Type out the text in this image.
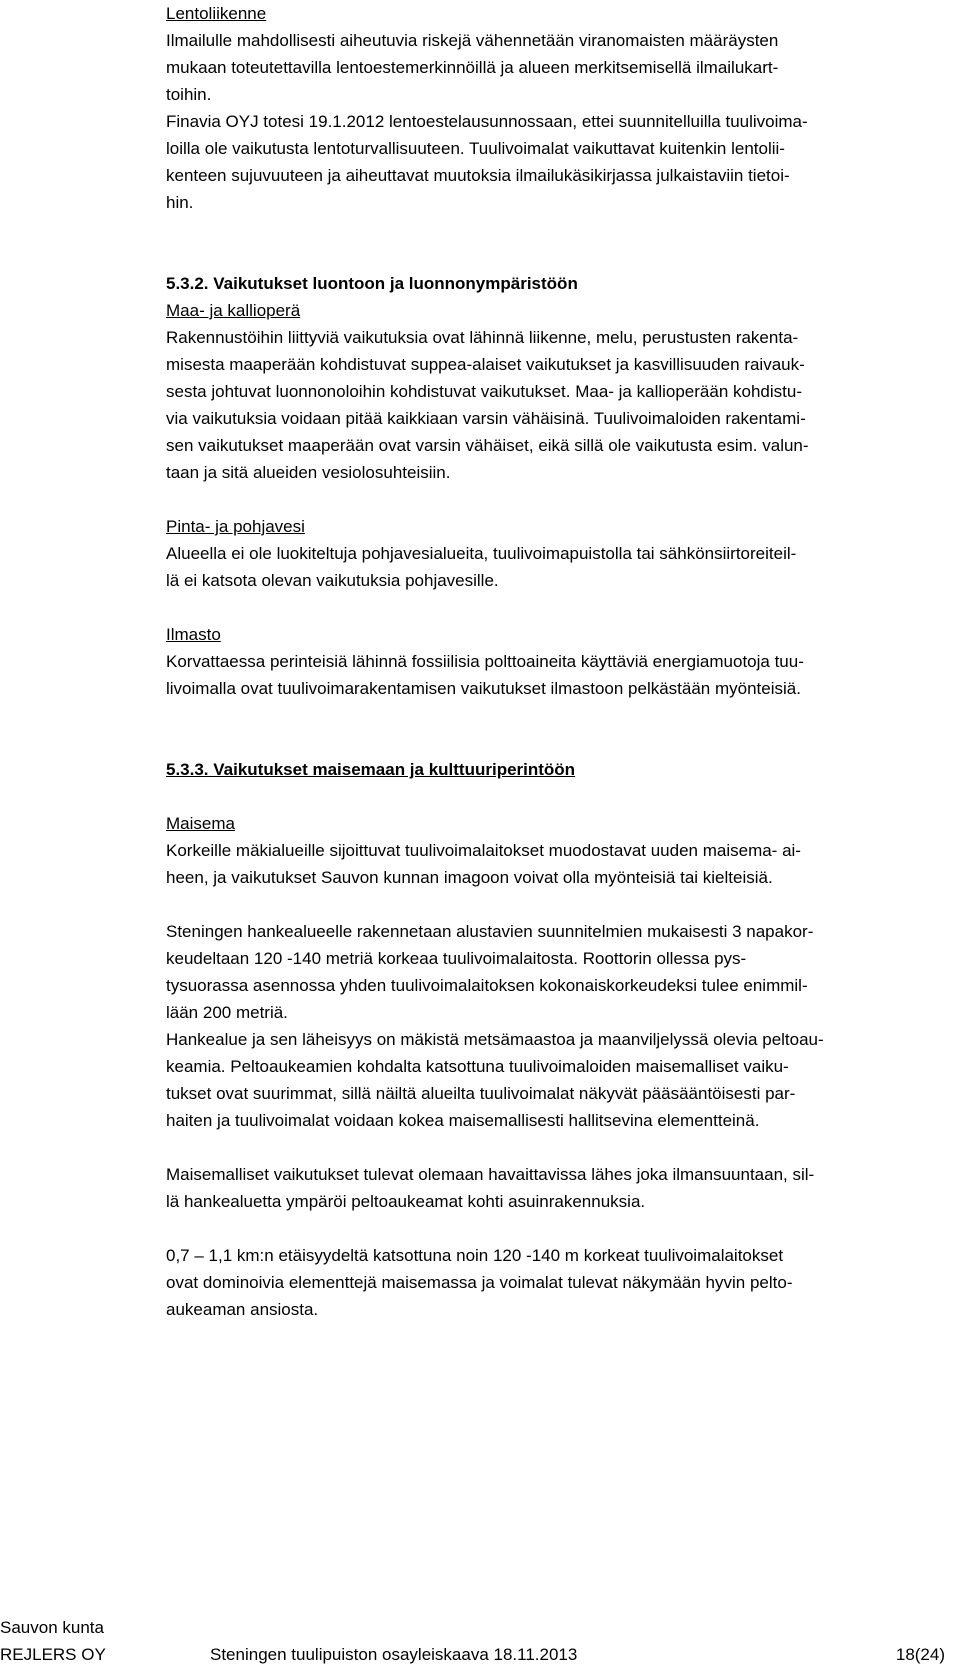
Lentoliikenne

Ilmailulle mahdollisesti aiheutuvia riskejä vähennetään viranomaisten määräysten
mukaan toteutettavilla lentoestemerkinnöillä ja alueen merkitsemisellä ilmailukart-
toihin.
Finavia OYJ totesi 19.1.2012 lentoestelausunnossaan, ettei suunnitelluilla tuulivoima-
loilla ole vaikutusta lentoturvallisuuteen. Tuulivoimalat vaikuttavat kuitenkin lentolii-
kenteen sujuvuuteen ja aiheuttavat muutoksia ilmailukäsikirjassa julkaistaviin tietoi-
hin.

5.3.2. Vaikutukset luontoon ja luonnonympäristöön

Maa- ja kallioperä

Rakennustöihin liittyviä vaikutuksia ovat lähinnä liikenne, melu, perustusten rakenta-
misesta maaperään kohdistuvat suppea-alaiset vaikutukset ja kasvillisuuden raivauk-
sesta johtuvat luonnonoloihin kohdistuvat vaikutukset. Maa- ja kallioperään kohdistu-
via vaikutuksia voidaan pitää kaikkiaan varsin vähäisinä. Tuulivoimaloiden rakentami-
sen vaikutukset maaperään ovat varsin vähäiset, eikä sillä ole vaikutusta esim. valun-
taan ja sitä alueiden vesiolosuhteisiin.

Pinta- ja pohjavesi

Alueella ei ole luokiteltuja pohjavesialueita, tuulivoimapuistolla tai sähkönsiirtoreiteil-
lä ei katsota olevan vaikutuksia pohjavesille.

Ilmasto

Korvattaessa perinteisiä lähinnä fossiilisia polttoaineita käyttäviä energiamuotoja tuu-
livoimalla ovat tuulivoimarakentamisen vaikutukset ilmastoon pelkästään myönteisiä.

5.3.3. Vaikutukset maisemaan ja kulttuuriperintöön

Maisema

Korkeille mäkialueille sijoittuvat tuulivoimalaitokset muodostavat uuden maisema- ai-
heen, ja vaikutukset Sauvon kunnan imagoon voivat olla myönteisiä tai kielteisiä.
Steningen hankealueelle rakennetaan alustavien suunnitelmien mukaisesti 3 napakor-
keudeltaan 120 -140 metriä korkeaa tuulivoimalaitosta. Roottorin ollessa pys-
tysuorassa asennossa yhden tuulivoimalaitoksen kokonaiskorkeudeksi tulee enimmil-
lään 200 metriä.
Hankealue ja sen läheisyys on mäkistä metsämaastoa ja maanviljelyssä olevia peltoau-
keamia. Peltoaukeamien kohdalta katsottuna tuulivoimaloiden maisemalliset vaiku-
tukset ovat suurimmat, sillä näiltä alueilta tuulivoimalat näkyvät pääsääntöisesti par-
haiten ja tuulivoimalat voidaan kokea maisemallisesti hallitsevina elementteinä.
Maisemalliset vaikutukset tulevat olemaan havaittavissa lähes joka ilmansuuntaan, sil-
lä hankealuetta ympäröi peltoaukeamat kohti asuinrakennuksia.
0,7 – 1,1 km:n etäisyydeltä katsottuna noin 120 -140 m korkeat tuulivoimalaitokset
ovat dominoivia elementtejä maisemassa ja voimalat tulevat näkymään hyvin pelto-
aukeaman ansiosta.
Sauvon kunta
REJLERS OY	Steningen tuulipuiston osayleiskaava 18.11.2013	18(24)
